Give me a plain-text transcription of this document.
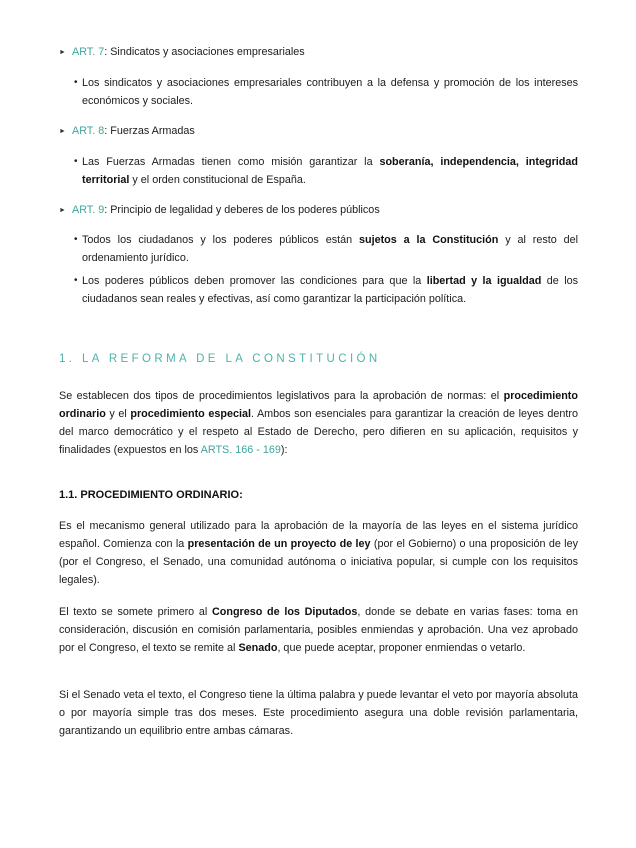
► ART. 7: Sindicatos y asociaciones empresariales
• Los sindicatos y asociaciones empresariales contribuyen a la defensa y promoción de los intereses económicos y sociales.
► ART. 8: Fuerzas Armadas
• Las Fuerzas Armadas tienen como misión garantizar la soberanía, independencia, integridad territorial y el orden constitucional de España.
► ART. 9: Principio de legalidad y deberes de los poderes públicos
• Todos los ciudadanos y los poderes públicos están sujetos a la Constitución y al resto del ordenamiento jurídico.
• Los poderes públicos deben promover las condiciones para que la libertad y la igualdad de los ciudadanos sean reales y efectivas, así como garantizar la participación política.
1. LA REFORMA DE LA CONSTITUCIÓN
Se establecen dos tipos de procedimientos legislativos para la aprobación de normas: el procedimiento ordinario y el procedimiento especial. Ambos son esenciales para garantizar la creación de leyes dentro del marco democrático y el respeto al Estado de Derecho, pero difieren en su aplicación, requisitos y finalidades (expuestos en los ARTS. 166 - 169):
1.1. PROCEDIMIENTO ORDINARIO:
Es el mecanismo general utilizado para la aprobación de la mayoría de las leyes en el sistema jurídico español. Comienza con la presentación de un proyecto de ley (por el Gobierno) o una proposición de ley (por el Congreso, el Senado, una comunidad autónoma o iniciativa popular, si cumple con los requisitos legales).
El texto se somete primero al Congreso de los Diputados, donde se debate en varias fases: toma en consideración, discusión en comisión parlamentaria, posibles enmiendas y aprobación. Una vez aprobado por el Congreso, el texto se remite al Senado, que puede aceptar, proponer enmiendas o vetarlo.
Si el Senado veta el texto, el Congreso tiene la última palabra y puede levantar el veto por mayoría absoluta o por mayoría simple tras dos meses. Este procedimiento asegura una doble revisión parlamentaria, garantizando un equilibrio entre ambas cámaras.
